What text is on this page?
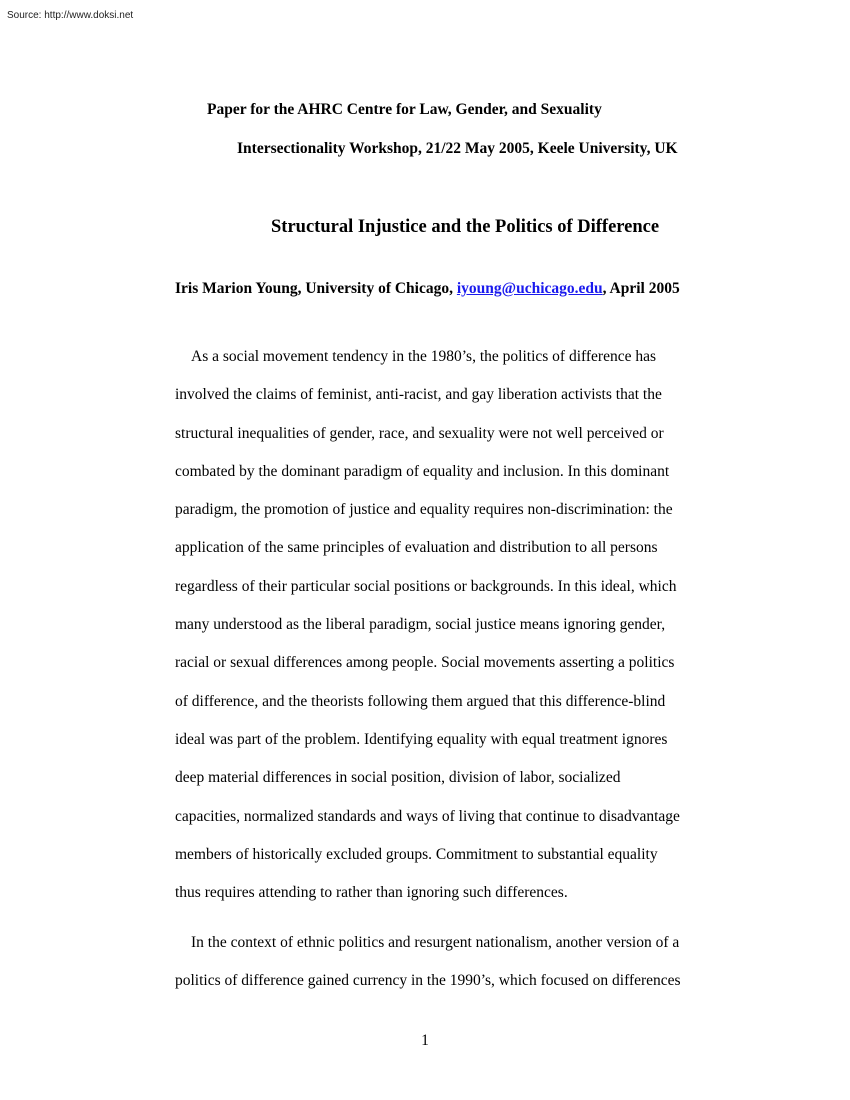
Source: http://www.doksi.net
Paper for the AHRC Centre for Law, Gender, and Sexuality
Intersectionality Workshop, 21/22 May 2005, Keele University, UK
Structural Injustice and the Politics of Difference
Iris Marion Young, University of Chicago, iyoung@uchicago.edu, April 2005

As a social movement tendency in the 1980’s, the politics of difference has
involved the claims of feminist, anti-racist, and gay liberation activists that the
structural inequalities of gender, race, and sexuality were not well perceived or
combated by the dominant paradigm of equality and inclusion. In this dominant
paradigm, the promotion of justice and equality requires non-discrimination: the
application of the same principles of evaluation and distribution to all persons
regardless of their particular social positions or backgrounds. In this ideal, which
many understood as the liberal paradigm, social justice means ignoring gender,
racial or sexual differences among people. Social movements asserting a politics
of difference, and the theorists following them argued that this difference-blind
ideal was part of the problem. Identifying equality with equal treatment ignores
deep material differences in social position, division of labor, socialized
capacities, normalized standards and ways of living that continue to disadvantage
members of historically excluded groups. Commitment to substantial equality
thus requires attending to rather than ignoring such differences.

In the context of ethnic politics and resurgent nationalism, another version of a
politics of difference gained currency in the 1990’s, which focused on differences

1
